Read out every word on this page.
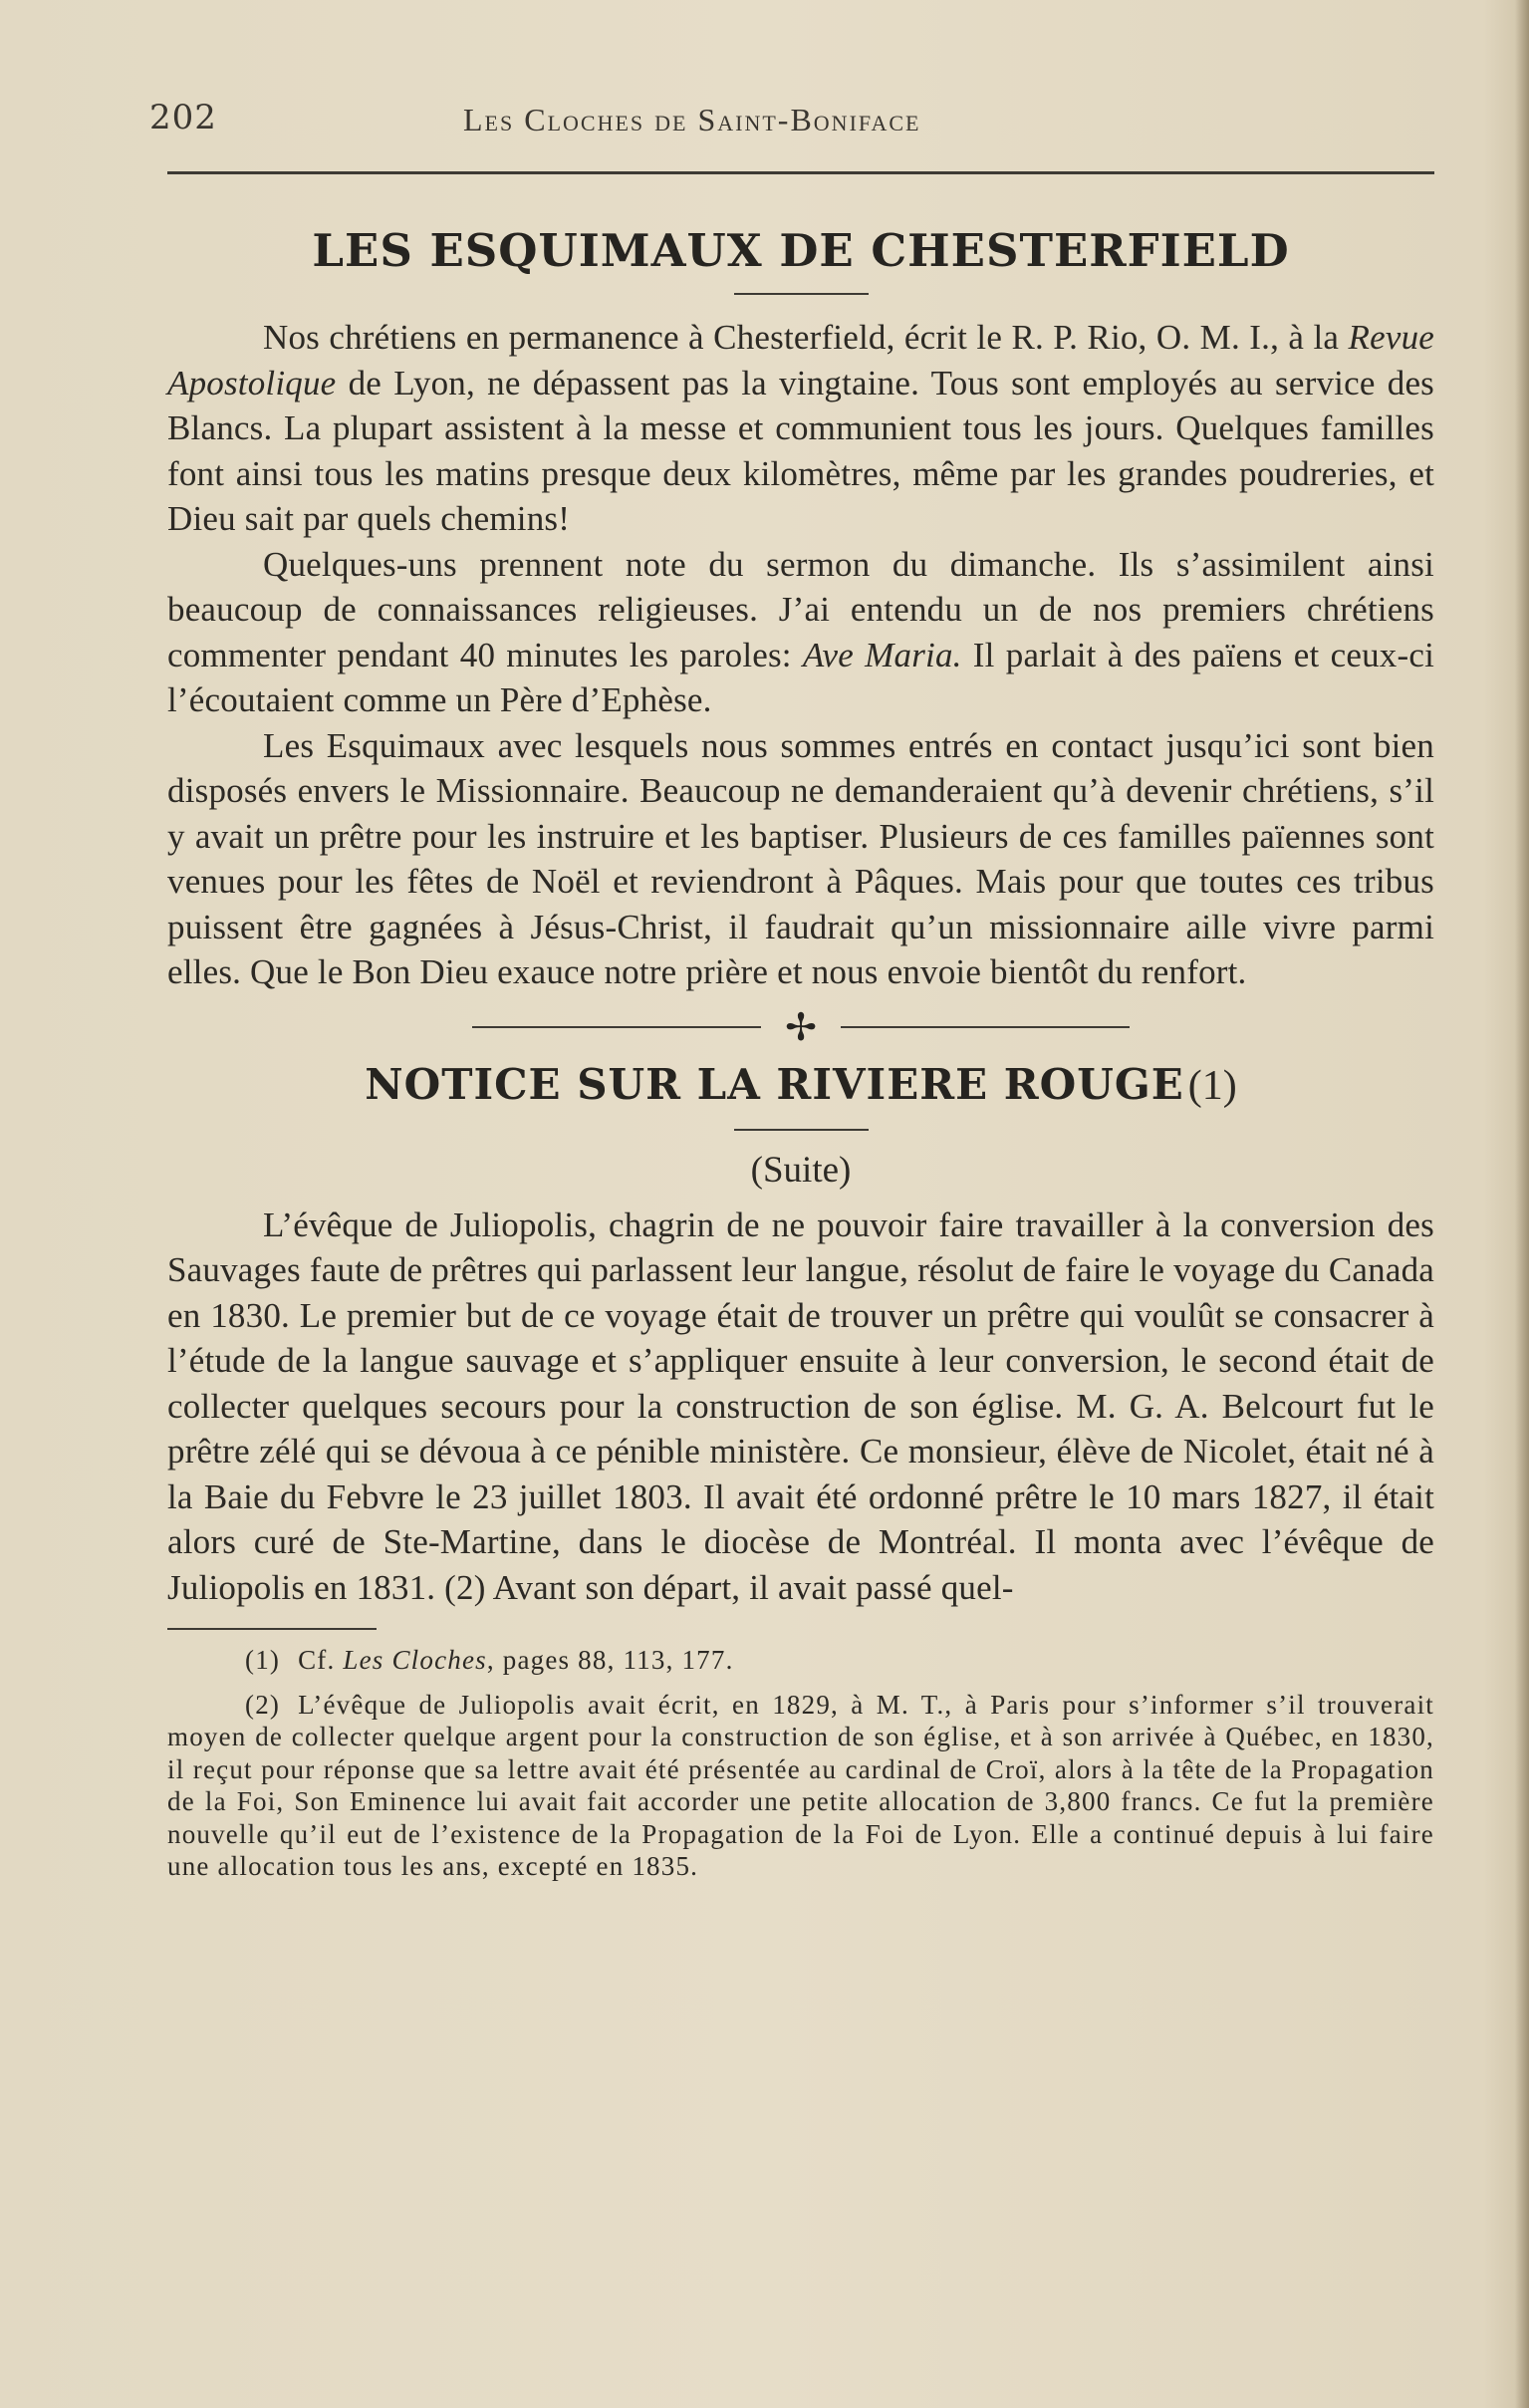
202	Les Cloches de Saint-Boniface
LES ESQUIMAUX DE CHESTERFIELD

Nos chrétiens en permanence à Chesterfield, écrit le R. P. Rio, O. M. I., à la Revue Apostolique de Lyon, ne dépassent pas la vingtaine. Tous sont employés au service des Blancs. La plupart assistent à la messe et communient tous les jours. Quelques familles font ainsi tous les matins presque deux kilomètres, même par les grandes poudreries, et Dieu sait par quels chemins!

Quelques-uns prennent note du sermon du dimanche. Ils s’assimilent ainsi beaucoup de connaissances religieuses. J’ai entendu un de nos premiers chrétiens commenter pendant 40 minutes les paroles: Ave Maria. Il parlait à des païens et ceux-ci l’écoutaient comme un Père d’Ephèse.

Les Esquimaux avec lesquels nous sommes entrés en contact jusqu’ici sont bien disposés envers le Missionnaire. Beaucoup ne demanderaient qu’à devenir chrétiens, s’il y avait un prêtre pour les instruire et les baptiser. Plusieurs de ces familles païennes sont venues pour les fêtes de Noël et reviendront à Pâques. Mais pour que toutes ces tribus puissent être gagnées à Jésus-Christ, il faudrait qu’un missionnaire aille vivre parmi elles. Que le Bon Dieu exauce notre prière et nous envoie bientôt du renfort.

✢
NOTICE SUR LA RIVIERE ROUGE (1)
(Suite)

L’évêque de Juliopolis, chagrin de ne pouvoir faire travailler à la conversion des Sauvages faute de prêtres qui parlassent leur langue, résolut de faire le voyage du Canada en 1830. Le premier but de ce voyage était de trouver un prêtre qui voulût se consacrer à l’étude de la langue sauvage et s’appliquer ensuite à leur conversion, le second était de collecter quelques secours pour la construction de son église. M. G. A. Belcourt fut le prêtre zélé qui se dévoua à ce pénible ministère. Ce monsieur, élève de Nicolet, était né à la Baie du Febvre le 23 juillet 1803. Il avait été ordonné prêtre le 10 mars 1827, il était alors curé de Ste-Martine, dans le diocèse de Montréal. Il monta avec l’évêque de Juliopolis en 1831. (2) Avant son départ, il avait passé quel-

(1) Cf. Les Cloches, pages 88, 113, 177.

(2) L’évêque de Juliopolis avait écrit, en 1829, à M. T., à Paris pour s’informer s’il trouverait moyen de collecter quelque argent pour la construction de son église, et à son arrivée à Québec, en 1830, il reçut pour réponse que sa lettre avait été présentée au cardinal de Croï, alors à la tête de la Propagation de la Foi, Son Eminence lui avait fait accorder une petite allocation de 3,800 francs. Ce fut la première nouvelle qu’il eut de l’existence de la Propagation de la Foi de Lyon. Elle a continué depuis à lui faire une allocation tous les ans, excepté en 1835.
